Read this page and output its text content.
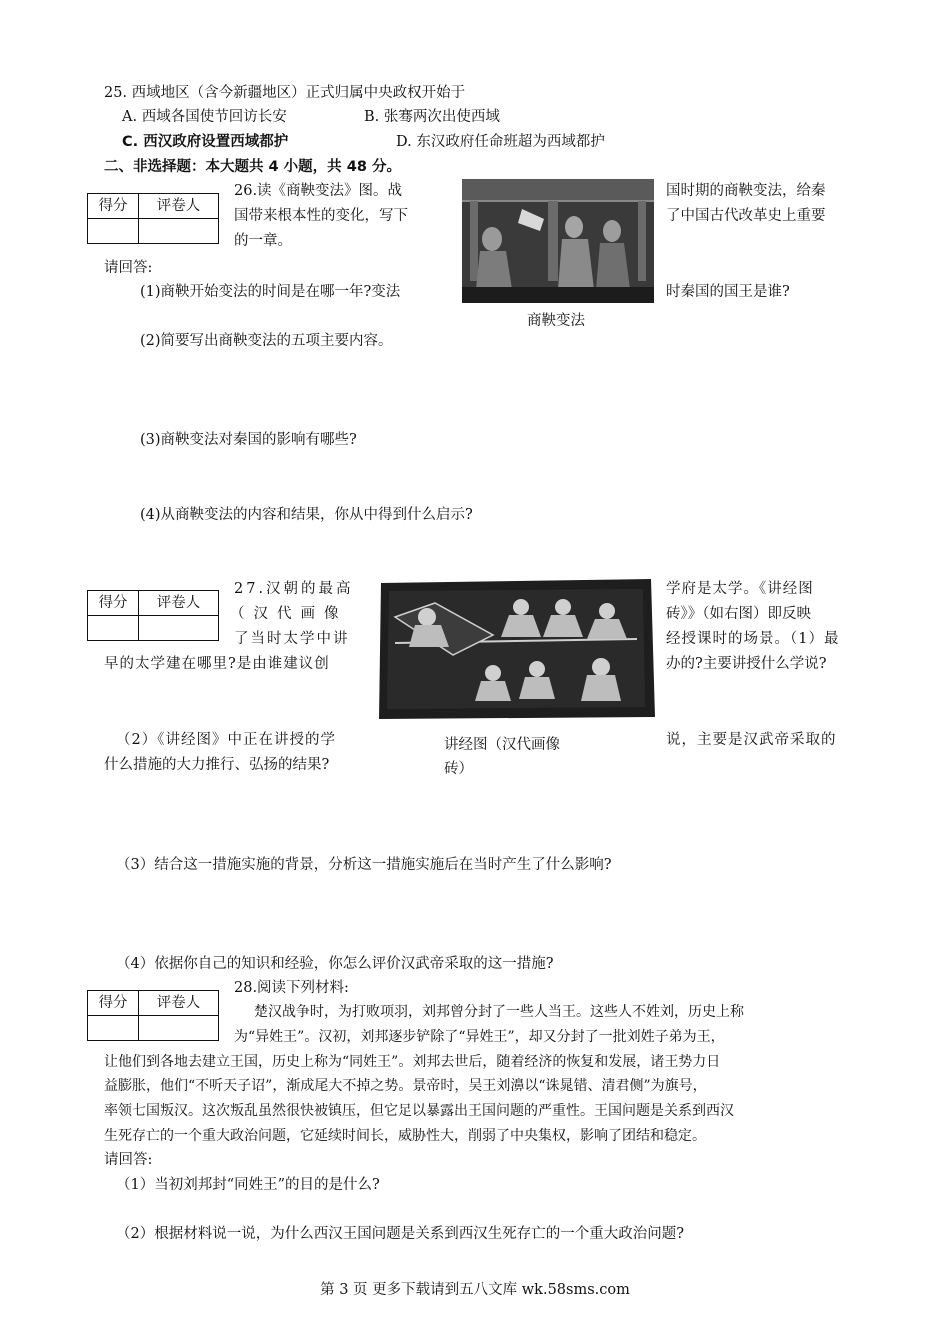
25. 西域地区（含今新疆地区）正式归属中央政权开始于
A. 西域各国使节回访长安	B. 张骞两次出使西域
C. 西汉政府设置西域都护	D. 东汉政府任命班超为西域都护
二、非选择题：本大题共 4 小题，共 48 分。
得分	评卷人

26.读《商鞅变法》图。战
国带来根本性的变化，写下
的一章。
国时期的商鞅变法，给秦
了中国古代改革史上重要
商鞅变法
请回答:
(1)商鞅开始变法的时间是在哪一年?变法	时秦国的国王是谁?
(2)简要写出商鞅变法的五项主要内容。
(3)商鞅变法对秦国的影响有哪些?
(4)从商鞅变法的内容和结果，你从中得到什么启示?
得分	评卷人

27.汉朝的最高
（汉代画像
了当时太学中讲
早的太学建在哪里?是由谁建议创
学府是太学。《讲经图
砖》》（如右图）即反映
经授课时的场景。（1）最
办的?主要讲授什么学说?
（2）《讲经图》中正在讲授的学
什么措施的大力推行、弘扬的结果?
讲经图（汉代画像
砖）
说，主要是汉武帝采取的
（3）结合这一措施实施的背景，分析这一措施实施后在当时产生了什么影响?
（4）依据你自己的知识和经验，你怎么评价汉武帝采取的这一措施?
得分	评卷人

28.阅读下列材料:
楚汉战争时，为打败项羽，刘邦曾分封了一些人当王。这些人不姓刘，历史上称
为“异姓王”。汉初，刘邦逐步铲除了“异姓王”，却又分封了一批刘姓子弟为王，
让他们到各地去建立王国，历史上称为“同姓王”。刘邦去世后，随着经济的恢复和发展，诸王势力日
益膨胀，他们“不听天子诏”，渐成尾大不掉之势。景帝时，吴王刘濞以“诛晁错、清君侧”为旗号，
率领七国叛汉。这次叛乱虽然很快被镇压，但它足以暴露出王国问题的严重性。王国问题是关系到西汉
生死存亡的一个重大政治问题，它延续时间长，威胁性大，削弱了中央集权，影响了团结和稳定。
请回答:
（1）当初刘邦封“同姓王”的目的是什么?
（2）根据材料说一说，为什么西汉王国问题是关系到西汉生死存亡的一个重大政治问题?
第 3 页 更多下载请到五八文库 wk.58sms.com
